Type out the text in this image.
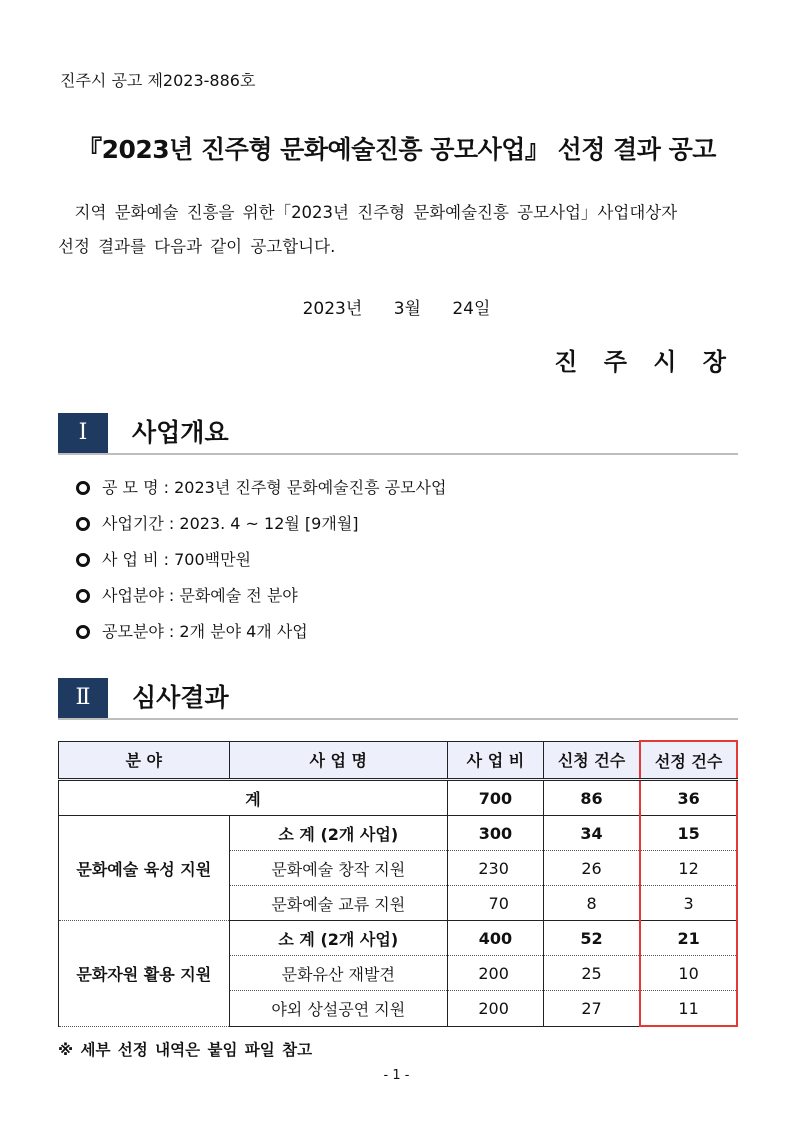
진주시 공고 제2023-886호
『2023년 진주형 문화예술진흥 공모사업』 선정 결과 공고

지역 문화예술 진흥을 위한「2023년 진주형 문화예술진흥 공모사업」사업대상자

선정 결과를 다음과 같이 공고합니다.

2023년 3월 24일
진 주 시 장
Ⅰ	사업개요
공 모 명 : 2023년 진주형 문화예술진흥 공모사업
사업기간 : 2023. 4 ~ 12월 [9개월]
사 업 비 : 700백만원
사업분야 : 문화예술 전 분야
공모분야 : 2개 분야 4개 사업
Ⅱ	심사결과
분 야	사 업 명	사 업 비	신청 건수	선정 건수
계		700	86	36
문화예술 육성 지원	소 계 (2개 사업)	300	34	15
	문화예술 창작 지원	230	26	12
	문화예술 교류 지원	70	8	3
문화자원 활용 지원	소 계 (2개 사업)	400	52	21
	문화유산 재발견	200	25	10
	야외 상설공연 지원	200	27	11
※ 세부 선정 내역은 붙임 파일 참고
- 1 -
